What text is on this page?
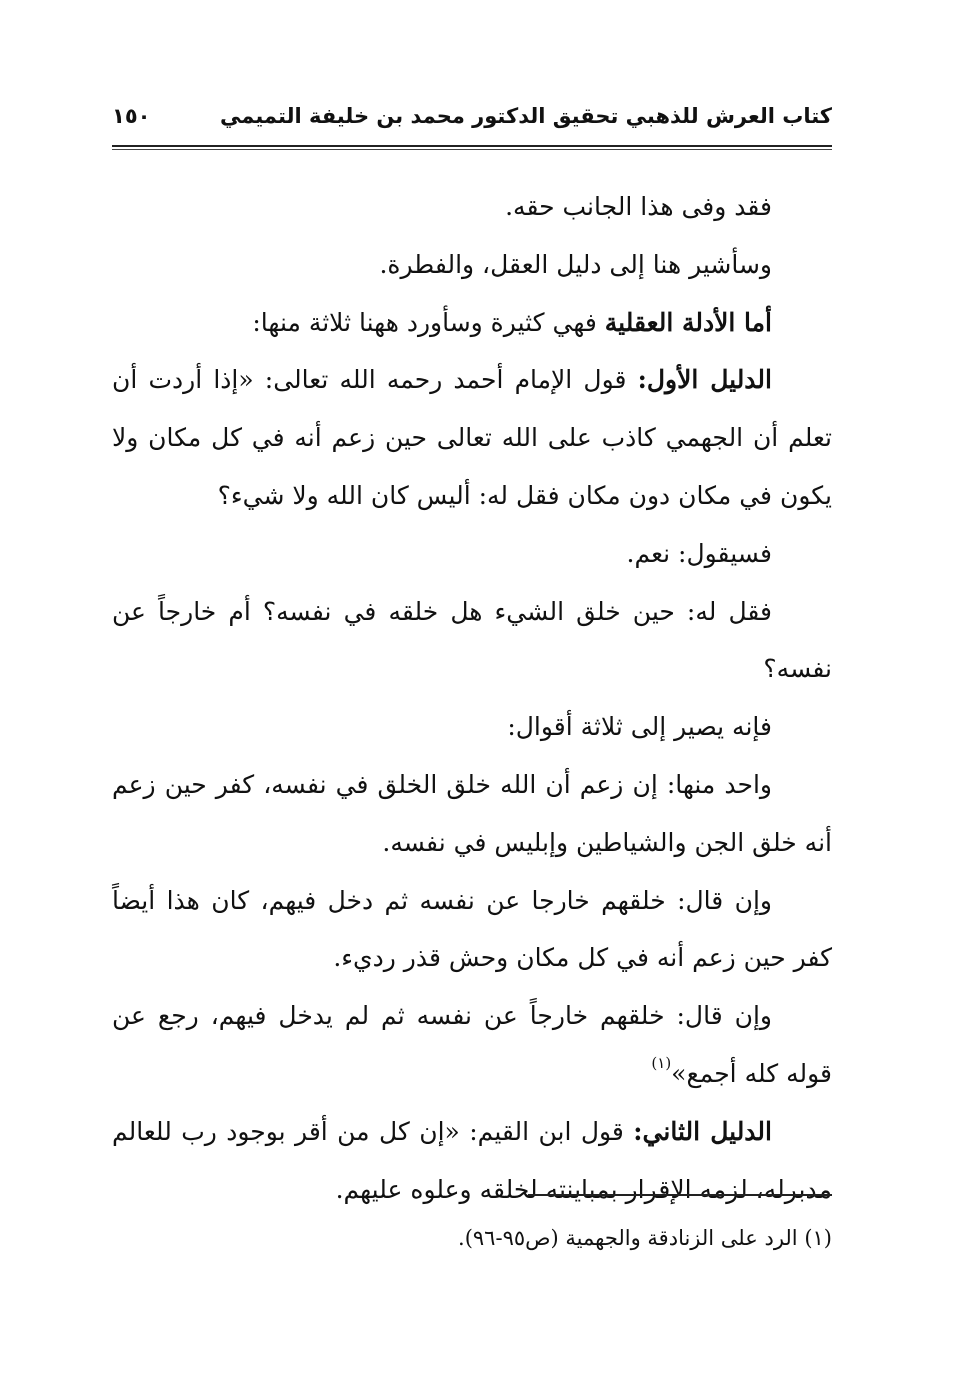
كتاب العرش للذهبي تحقيق الدكتور محمد بن خليفة التميمي
١٥٠

فقد وفى هذا الجانب حقه.

وسأشير هنا إلى دليل العقل، والفطرة.

أما الأدلة العقلية فهي كثيرة وسأورد ههنا ثلاثة منها:

الدليل الأول: قول الإمام أحمد رحمه الله تعالى: «إذا أردت أن تعلم أن الجهمي كاذب على الله تعالى حين زعم أنه في كل مكان ولا يكون في مكان دون مكان فقل له: أليس كان الله ولا شيء؟

فسيقول: نعم.

فقل له: حين خلق الشيء هل خلقه في نفسه؟ أم خارجاً عن نفسه؟

فإنه يصير إلى ثلاثة أقوال:

واحد منها: إن زعم أن الله خلق الخلق في نفسه، كفر حين زعم أنه خلق الجن والشياطين وإبليس في نفسه.

وإن قال: خلقهم خارجا عن نفسه ثم دخل فيهم، كان هذا أيضاً كفر حين زعم أنه في كل مكان وحش قذر رديء.

وإن قال: خلقهم خارجاً عن نفسه ثم لم يدخل فيهم، رجع عن قوله كله أجمع»$^{(١)}$

الدليل الثاني: قول ابن القيم: «إن كل من أقر بوجود رب للعالم مدبرله، لزمه الإقرار بمباينته لخلقه وعلوه عليهم.

(١) الرد على الزنادقة والجهمية (ص٩٥-٩٦).
